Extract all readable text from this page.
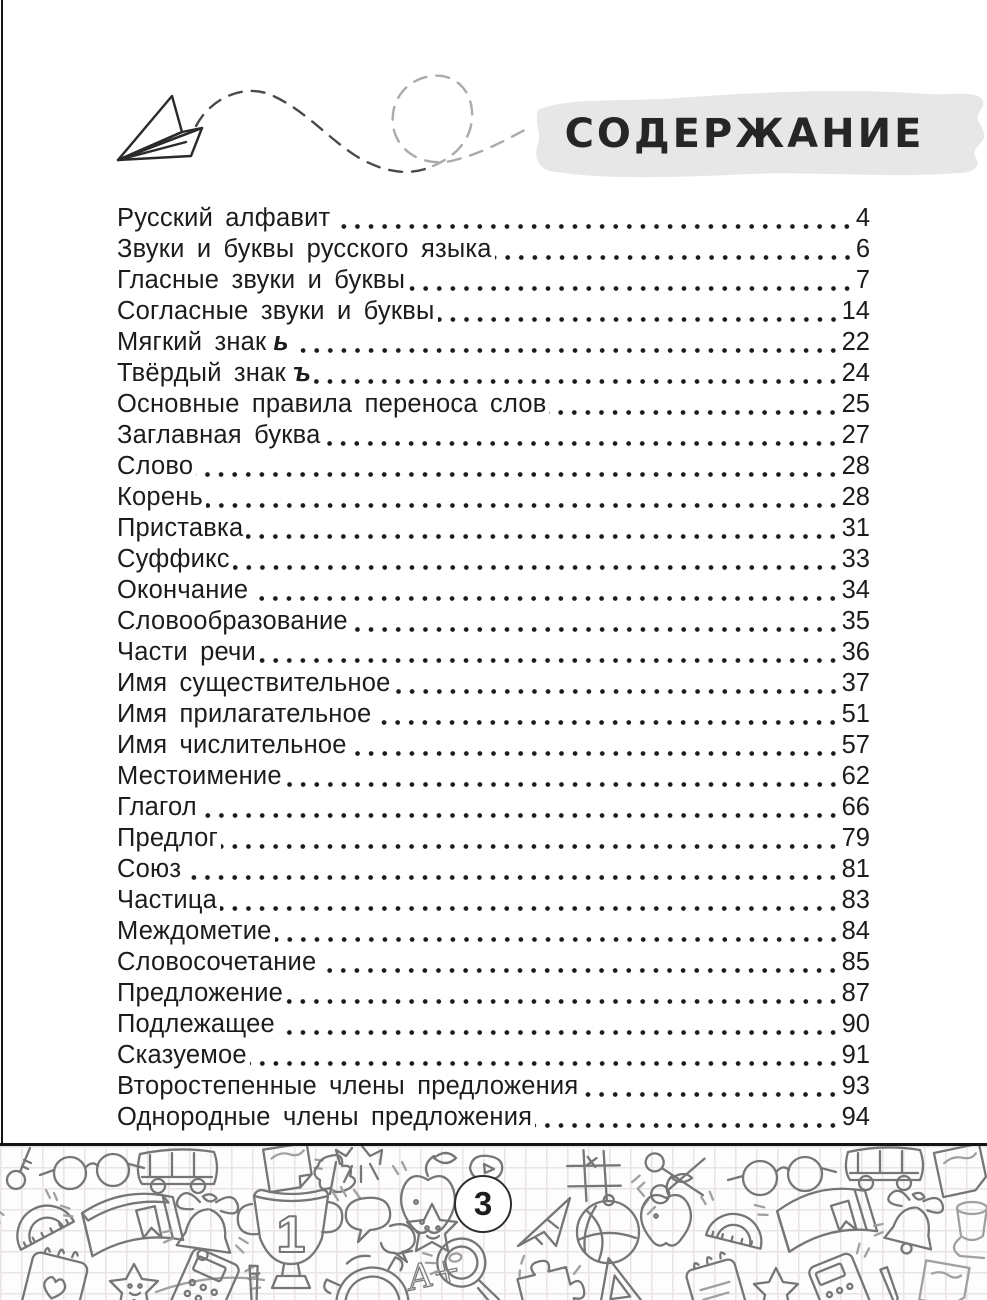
СОДЕРЖАНИЕ
Русский алфавит	4
Звуки и буквы русского языка	6
Гласные звуки и буквы	7
Согласные звуки и буквы	14
Мягкий знак ь	22
Твёрдый знак ъ	24
Основные правила переноса слов	25
Заглавная буква	27
Слово	28
Корень	28
Приставка	31
Суффикс	33
Окончание	34
Словообразование	35
Части речи	36
Имя существительное	37
Имя прилагательное	51
Имя числительное	57
Местоимение	62
Глагол	66
Предлог	79
Союз	81
Частица	83
Междометие	84
Словосочетание	85
Предложение	87
Подлежащее	90
Сказуемое	91
Второстепенные члены предложения	93
Однородные члены предложения	94
1
A+
3
